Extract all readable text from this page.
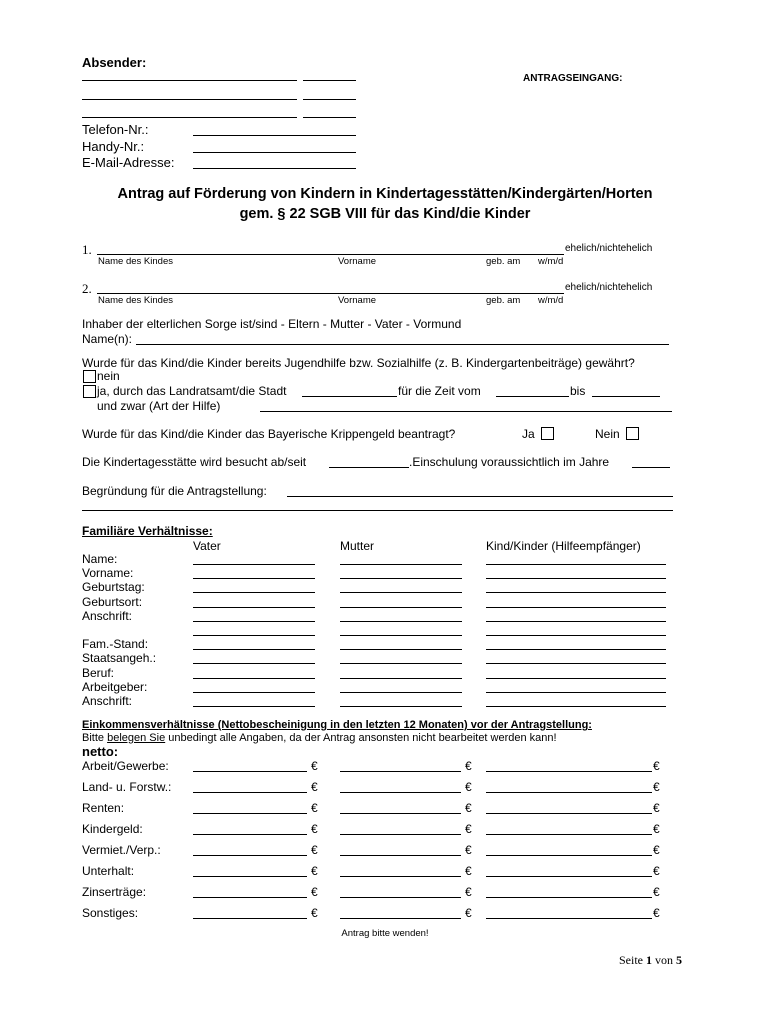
Absender:
ANTRAGSEINGANG:
Telefon-Nr.:
Handy-Nr.:
E-Mail-Adresse:
Antrag auf Förderung von Kindern in Kindertagesstätten/Kindergärten/Horten
gem. § 22 SGB VIII für das Kind/die Kinder
1.	ehelich/nichtehelich
Name des Kindes	Vorname	geb. am w/m/d
2.	ehelich/nichtehelich
Name des Kindes	Vorname	geb. am w/m/d
Inhaber der elterlichen Sorge ist/sind - Eltern - Mutter - Vater - Vormund
Name(n):
Wurde für das Kind/die Kinder bereits Jugendhilfe bzw. Sozialhilfe (z. B. Kindergartenbeiträge) gewährt?
nein
ja, durch das Landratsamt/die Stadt	für die Zeit vom	bis
und zwar (Art der Hilfe)
Wurde für das Kind/die Kinder das Bayerische Krippengeld beantragt?	Ja	Nein
Die Kindertagesstätte wird besucht ab/seit	.Einschulung voraussichtlich im Jahre
Begründung für die Antragstellung:
Familiäre Verhältnisse:
Vater	Mutter	Kind/Kinder (Hilfeempfänger)
Name:
Vorname:
Geburtstag:
Geburtsort:
Anschrift:
Fam.-Stand:
Staatsangeh.:
Beruf:
Arbeitgeber:
Anschrift:
Einkommensverhältnisse (Nettobescheinigung in den letzten 12 Monaten) vor der Antragstellung:
Bitte belegen Sie unbedingt alle Angaben, da der Antrag ansonsten nicht bearbeitet werden kann!
netto:
Arbeit/Gewerbe:	€	€	€
Land- u. Forstw.:	€	€	€
Renten:	€	€	€
Kindergeld:	€	€	€
Vermiet./Verp.:	€	€	€
Unterhalt:	€	€	€
Zinserträge:	€	€	€
Sonstiges:	€	€	€
Antrag bitte wenden!
Seite 1 von 5
